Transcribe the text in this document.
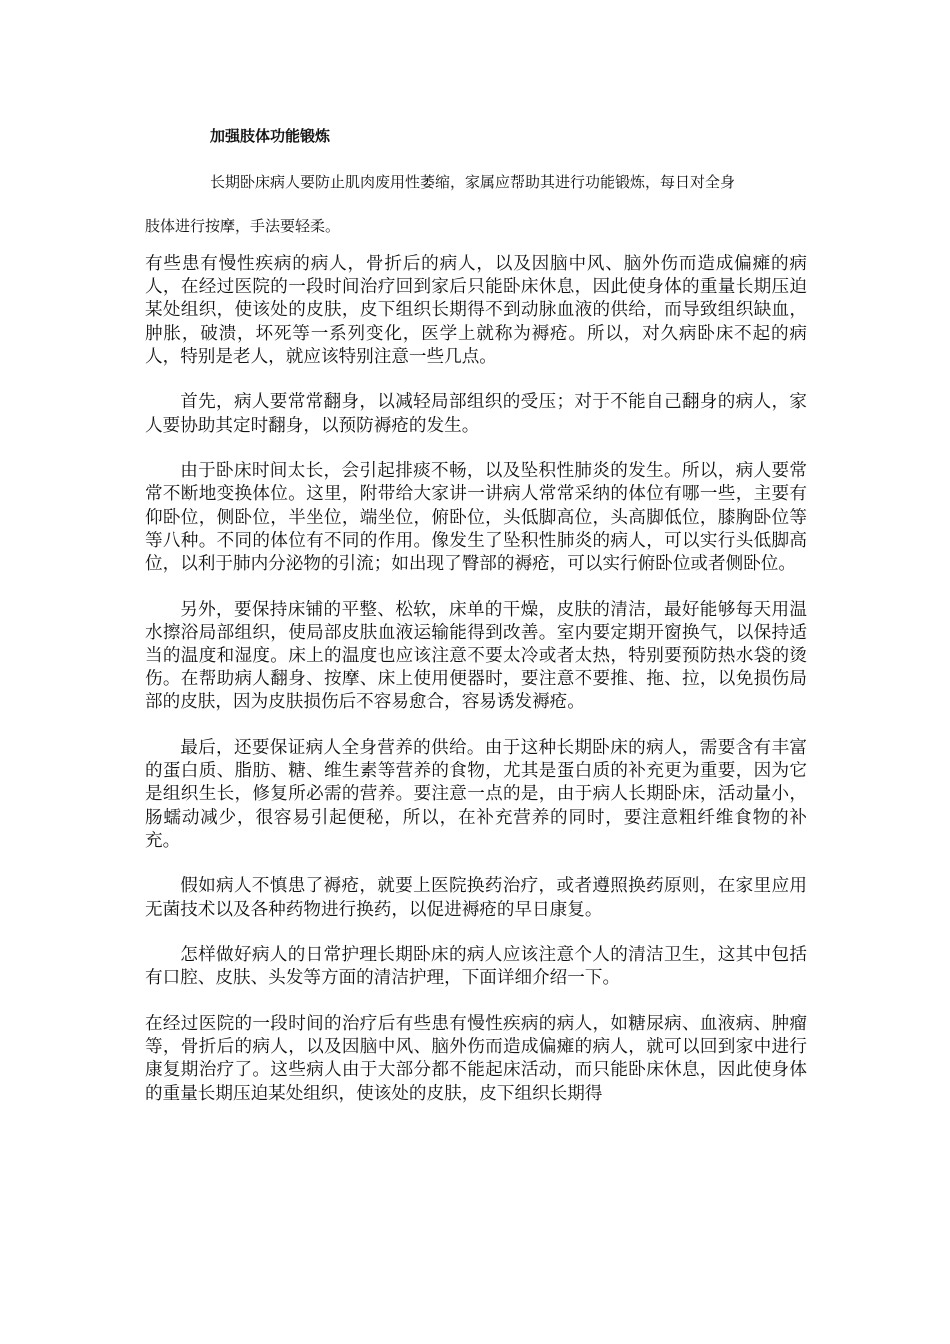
加强肢体功能锻炼

长期卧床病人要防止肌肉废用性萎缩，家属应帮助其进行功能锻炼，每日对全身

肢体进行按摩，手法要轻柔。

有些患有慢性疾病的病人，骨折后的病人，以及因脑中风、脑外伤而造成偏瘫的病人，在经过医院的一段时间治疗回到家后只能卧床休息，因此使身体的重量长期压迫某处组织，使该处的皮肤，皮下组织长期得不到动脉血液的供给，而导致组织缺血，肿胀，破溃，坏死等一系列变化，医学上就称为褥疮。所以，对久病卧床不起的病人，特别是老人，就应该特别注意一些几点。

首先，病人要常常翻身，以减轻局部组织的受压；对于不能自己翻身的病人，家人要协助其定时翻身，以预防褥疮的发生。

由于卧床时间太长，会引起排痰不畅，以及坠积性肺炎的发生。所以，病人要常常不断地变换体位。这里，附带给大家讲一讲病人常常采纳的体位有哪一些，主要有仰卧位，侧卧位，半坐位，端坐位，俯卧位，头低脚高位，头高脚低位，膝胸卧位等等八种。不同的体位有不同的作用。像发生了坠积性肺炎的病人，可以实行头低脚高位，以利于肺内分泌物的引流；如出现了臀部的褥疮，可以实行俯卧位或者侧卧位。

另外，要保持床铺的平整、松软，床单的干燥，皮肤的清洁，最好能够每天用温水擦浴局部组织，使局部皮肤血液运输能得到改善。室内要定期开窗换气，以保持适当的温度和湿度。床上的温度也应该注意不要太冷或者太热，特别要预防热水袋的烫伤。在帮助病人翻身、按摩、床上使用便器时，要注意不要推、拖、拉，以免损伤局部的皮肤，因为皮肤损伤后不容易愈合，容易诱发褥疮。

最后，还要保证病人全身营养的供给。由于这种长期卧床的病人，需要含有丰富的蛋白质、脂肪、糖、维生素等营养的食物，尤其是蛋白质的补充更为重要，因为它是组织生长，修复所必需的营养。要注意一点的是，由于病人长期卧床，活动量小，肠蠕动减少，很容易引起便秘，所以，在补充营养的同时，要注意粗纤维食物的补充。

假如病人不慎患了褥疮，就要上医院换药治疗，或者遵照换药原则，在家里应用无菌技术以及各种药物进行换药，以促进褥疮的早日康复。

怎样做好病人的日常护理长期卧床的病人应该注意个人的清洁卫生，这其中包括有口腔、皮肤、头发等方面的清洁护理，下面详细介绍一下。

在经过医院的一段时间的治疗后有些患有慢性疾病的病人，如糖尿病、血液病、肿瘤等，骨折后的病人，以及因脑中风、脑外伤而造成偏瘫的病人，就可以回到家中进行康复期治疗了。这些病人由于大部分都不能起床活动，而只能卧床休息，因此使身体的重量长期压迫某处组织，使该处的皮肤，皮下组织长期得
